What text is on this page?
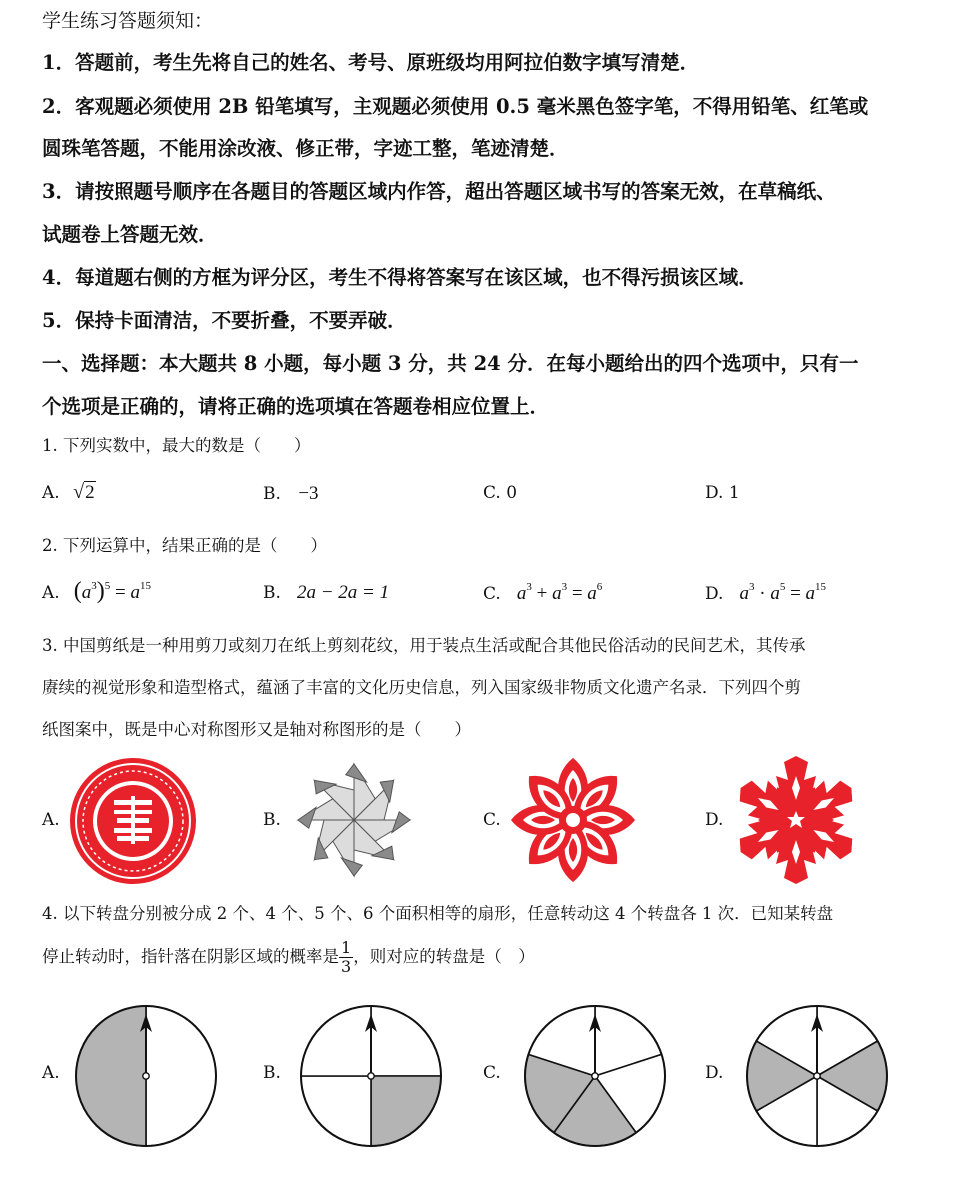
学生练习答题须知：
1．答题前，考生先将自己的姓名、考号、原班级均用阿拉伯数字填写清楚．
2．客观题必须使用 2B 铅笔填写，主观题必须使用 0.5 毫米黑色签字笔，不得用铅笔、红笔或
圆珠笔答题，不能用涂改液、修正带，字迹工整，笔迹清楚．
3．请按照题号顺序在各题目的答题区域内作答，超出答题区域书写的答案无效，在草稿纸、
试题卷上答题无效．
4．每道题右侧的方框为评分区，考生不得将答案写在该区域，也不得污损该区域．
5．保持卡面清洁，不要折叠，不要弄破．
一、选择题：本大题共 8 小题，每小题 3 分，共 24 分．在每小题给出的四个选项中，只有一
个选项是正确的，请将正确的选项填在答题卷相应位置上．
1. 下列实数中，最大的数是（　　）
A. √2	B. −3	C. 0	D. 1
2. 下列运算中，结果正确的是（　　）
A. $(a^3)^5 = a^{15}$	B. 2a − 2a = 1	C. $a^3 + a^3 = a^6$	D. $a^3 \cdot a^5 = a^{15}$
3. 中国剪纸是一种用剪刀或刻刀在纸上剪刻花纹，用于装点生活或配合其他民俗活动的民间艺术，其传承
赓续的视觉形象和造型格式，蕴涵了丰富的文化历史信息，列入国家级非物质文化遗产名录．下列四个剪
纸图案中，既是中心对称图形又是轴对称图形的是（　　）
A.	B.	C.	D.
4. 以下转盘分别被分成 2 个、4 个、5 个、6 个面积相等的扇形，任意转动这 4 个转盘各 1 次．已知某转盘
停止转动时，指针落在阴影区域的概率是 $\frac{1}{3}$ ，则对应的转盘是（　）
A.	B.	C.	D.
